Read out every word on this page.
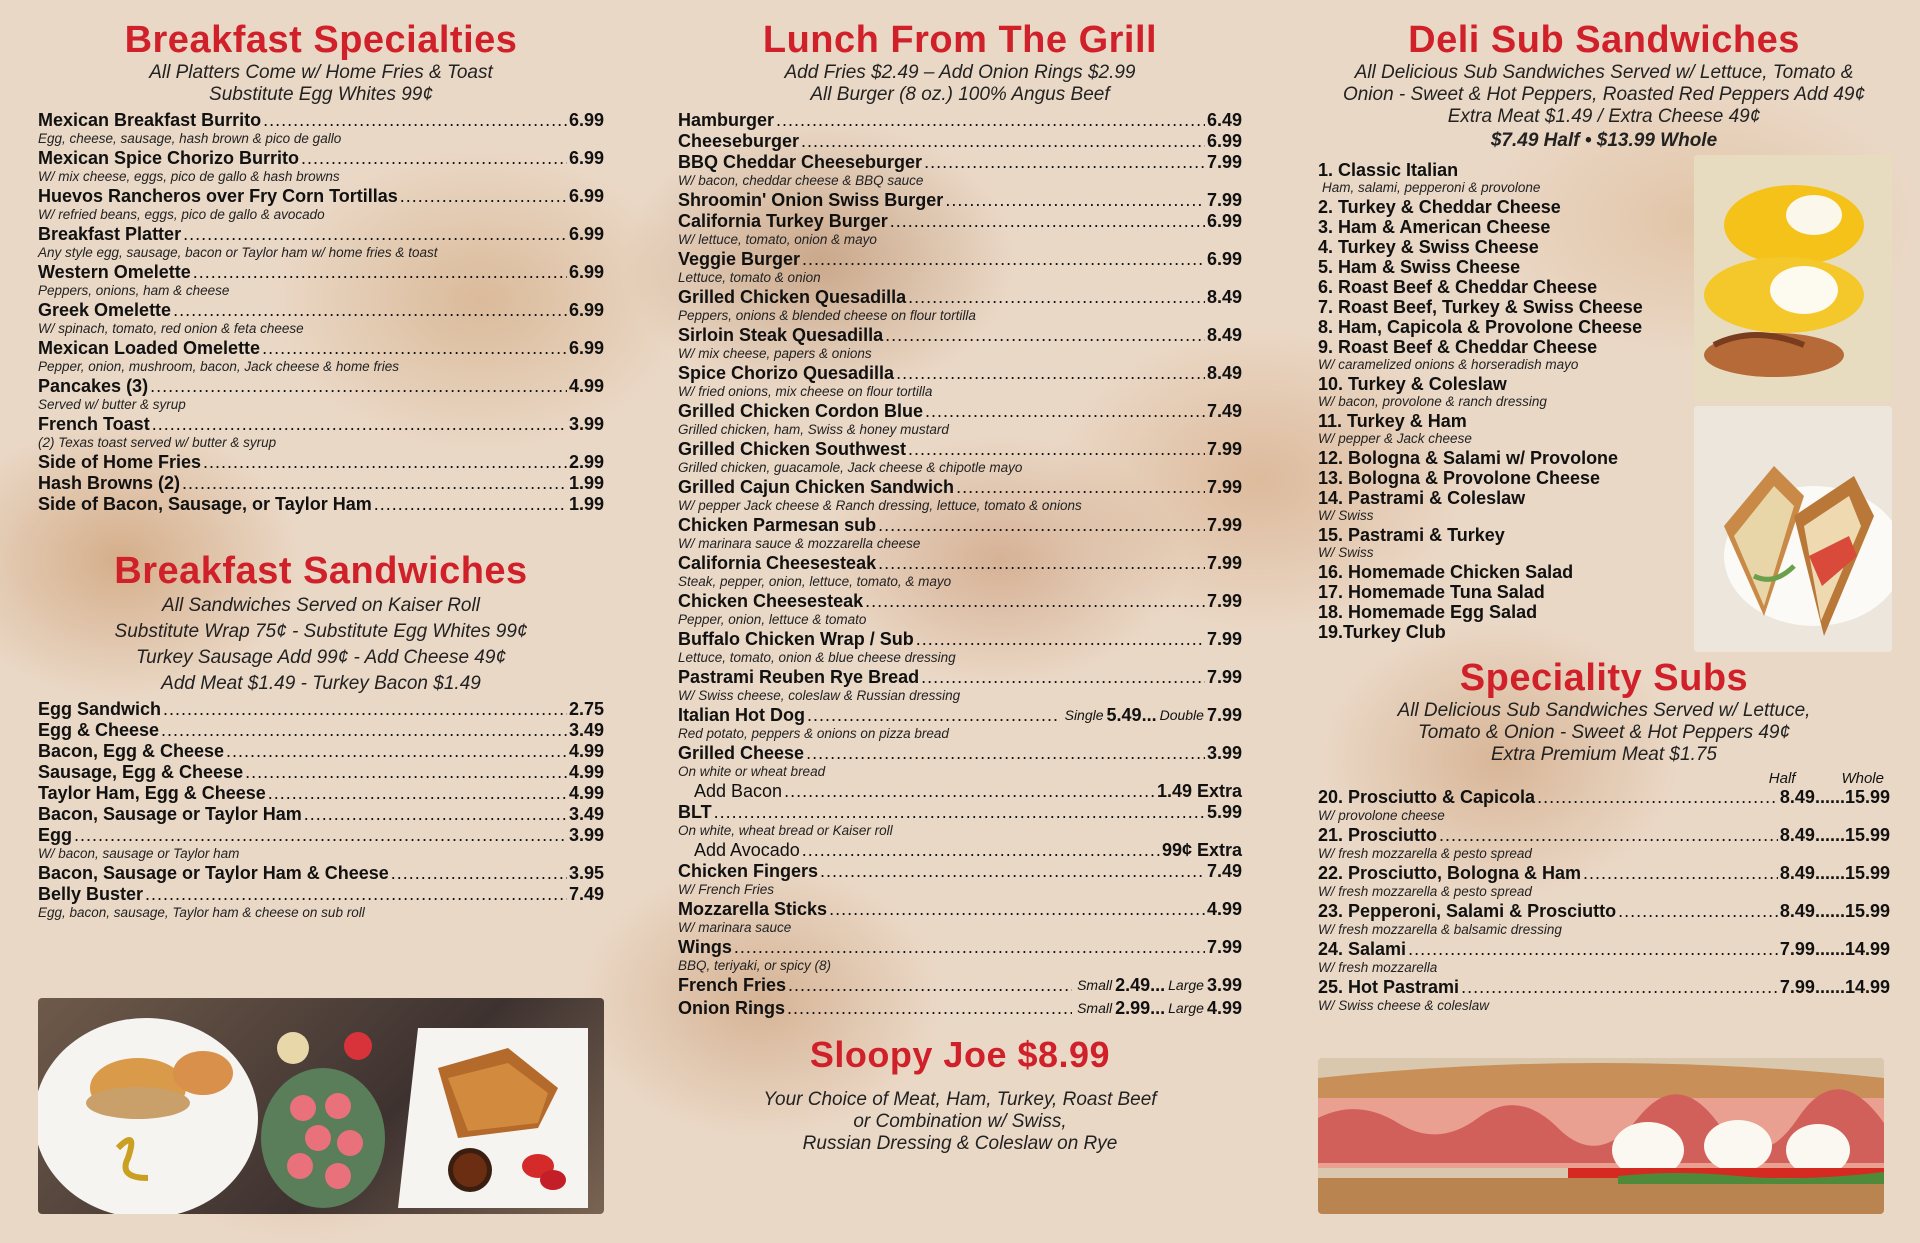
Breakfast Specialties
All Platters Come w/ Home Fries & Toast
Substitute Egg Whites 99¢
Mexican Breakfast Burrito .....	6.99
Egg, cheese, sausage, hash brown & pico de gallo
Mexican Spice Chorizo Burrito .....	6.99
W/ mix cheese, eggs, pico de gallo & hash browns
Huevos Rancheros over Fry Corn Tortillas .....	6.99
W/ refried beans, eggs, pico de gallo & avocado
Breakfast Platter .....	6.99
Any style egg, sausage, bacon or Taylor ham w/ home fries & toast
Western Omelette .....	6.99
Peppers, onions, ham & cheese
Greek Omelette .....	6.99
W/ spinach, tomato, red onion & feta cheese
Mexican Loaded Omelette .....	6.99
Pepper, onion, mushroom, bacon, Jack cheese & home fries
Pancakes (3) .....	4.99
Served w/ butter & syrup
French Toast .....	3.99
(2) Texas toast served w/ butter & syrup
Side of Home Fries .....	2.99
Hash Browns (2) .....	1.99
Side of Bacon, Sausage, or Taylor Ham .....	1.99
Breakfast Sandwiches
All Sandwiches Served on Kaiser Roll
Substitute Wrap 75¢ - Substitute Egg Whites 99¢
Turkey Sausage Add 99¢ - Add Cheese 49¢
Add Meat $1.49 - Turkey Bacon $1.49
Egg Sandwich .....	2.75
Egg & Cheese .....	3.49
Bacon, Egg & Cheese .....	4.99
Sausage, Egg & Cheese .....	4.99
Taylor Ham, Egg & Cheese .....	4.99
Bacon, Sausage or Taylor Ham .....	3.49
Egg .....	3.99
W/ bacon, sausage or Taylor ham
Bacon, Sausage or Taylor Ham & Cheese .....	3.95
Belly Buster .....	7.49
Egg, bacon, sausage, Taylor ham & cheese on sub roll
Lunch From The Grill
Add Fries $2.49 – Add Onion Rings $2.99
All Burger (8 oz.) 100% Angus Beef
Hamburger .....	6.49
Cheeseburger .....	6.99
BBQ Cheddar Cheeseburger .....	7.99
W/ bacon, cheddar cheese & BBQ sauce
Shroomin' Onion Swiss Burger .....	7.99
California Turkey Burger .....	6.99
W/ lettuce, tomato, onion & mayo
Veggie Burger .....	6.99
Lettuce, tomato & onion
Grilled Chicken Quesadilla .....	8.49
Peppers, onions & blended cheese on flour tortilla
Sirloin Steak Quesadilla .....	8.49
W/ mix cheese, papers & onions
Spice Chorizo Quesadilla .....	8.49
W/ fried onions, mix cheese on flour tortilla
Grilled Chicken Cordon Blue .....	7.49
Grilled chicken, ham, Swiss & honey mustard
Grilled Chicken Southwest .....	7.99
Grilled chicken, guacamole, Jack cheese & chipotle mayo
Grilled Cajun Chicken Sandwich .....	7.99
W/ pepper Jack cheese & Ranch dressing, lettuce, tomato & onions
Chicken Parmesan sub .....	7.99
W/ marinara sauce & mozzarella cheese
California Cheesesteak .....	7.99
Steak, pepper, onion, lettuce, tomato, & mayo
Chicken Cheesesteak .....	7.99
Pepper, onion, lettuce & tomato
Buffalo Chicken Wrap / Sub .....	7.99
Lettuce, tomato, onion & blue cheese dressing
Pastrami Reuben Rye Bread .....	7.99
W/ Swiss cheese, coleslaw & Russian dressing
Italian Hot Dog .....	Single 5.49... Double 7.99
Red potato, peppers & onions on pizza bread
Grilled Cheese .....	3.99
On white or wheat bread
Add Bacon .....	1.49 Extra
BLT .....	5.99
On white, wheat bread or Kaiser roll
Add Avocado .....	99¢ Extra
Chicken Fingers .....	7.49
W/ French Fries
Mozzarella Sticks .....	4.99
W/ marinara sauce
Wings .....	7.99
BBQ, teriyaki, or spicy (8)
French Fries .....	Small 2.49... Large 3.99
Onion Rings .....	Small 2.99... Large 4.99
Sloopy Joe $8.99
Your Choice of Meat, Ham, Turkey, Roast Beef
or Combination w/ Swiss,
Russian Dressing & Coleslaw on Rye
Deli Sub Sandwiches
All Delicious Sub Sandwiches Served w/ Lettuce, Tomato &
Onion - Sweet & Hot Peppers, Roasted Red Peppers Add 49¢
Extra Meat $1.49 / Extra Cheese 49¢
$7.49 Half • $13.99 Whole
1. Classic Italian
Ham, salami, pepperoni & provolone
2. Turkey & Cheddar Cheese
3. Ham & American Cheese
4. Turkey & Swiss Cheese
5. Ham & Swiss Cheese
6. Roast Beef & Cheddar Cheese
7. Roast Beef, Turkey & Swiss Cheese
8. Ham, Capicola & Provolone Cheese
9. Roast Beef & Cheddar Cheese
W/ caramelized onions & horseradish mayo
10. Turkey & Coleslaw
W/ bacon, provolone & ranch dressing
11. Turkey & Ham
W/ pepper & Jack cheese
12. Bologna & Salami w/ Provolone
13. Bologna & Provolone Cheese
14. Pastrami & Coleslaw
W/ Swiss
15. Pastrami & Turkey
W/ Swiss
16. Homemade Chicken Salad
17. Homemade Tuna Salad
18. Homemade Egg Salad
19.Turkey Club
Speciality Subs
All Delicious Sub Sandwiches Served w/ Lettuce,
Tomato & Onion - Sweet & Hot Peppers 49¢
Extra Premium Meat $1.75
Half	Whole
20. Prosciutto & Capicola .....	8.49...... 15.99
W/ provolone cheese
21. Prosciutto .....	8.49...... 15.99
W/ fresh mozzarella & pesto spread
22. Prosciutto, Bologna & Ham .....	8.49...... 15.99
W/ fresh mozzarella & pesto spread
23. Pepperoni, Salami & Prosciutto .....	8.49...... 15.99
W/ fresh mozzarella & balsamic dressing
24. Salami .....	7.99...... 14.99
W/ fresh mozzarella
25. Hot Pastrami .....	7.99...... 14.99
W/ Swiss cheese & coleslaw
